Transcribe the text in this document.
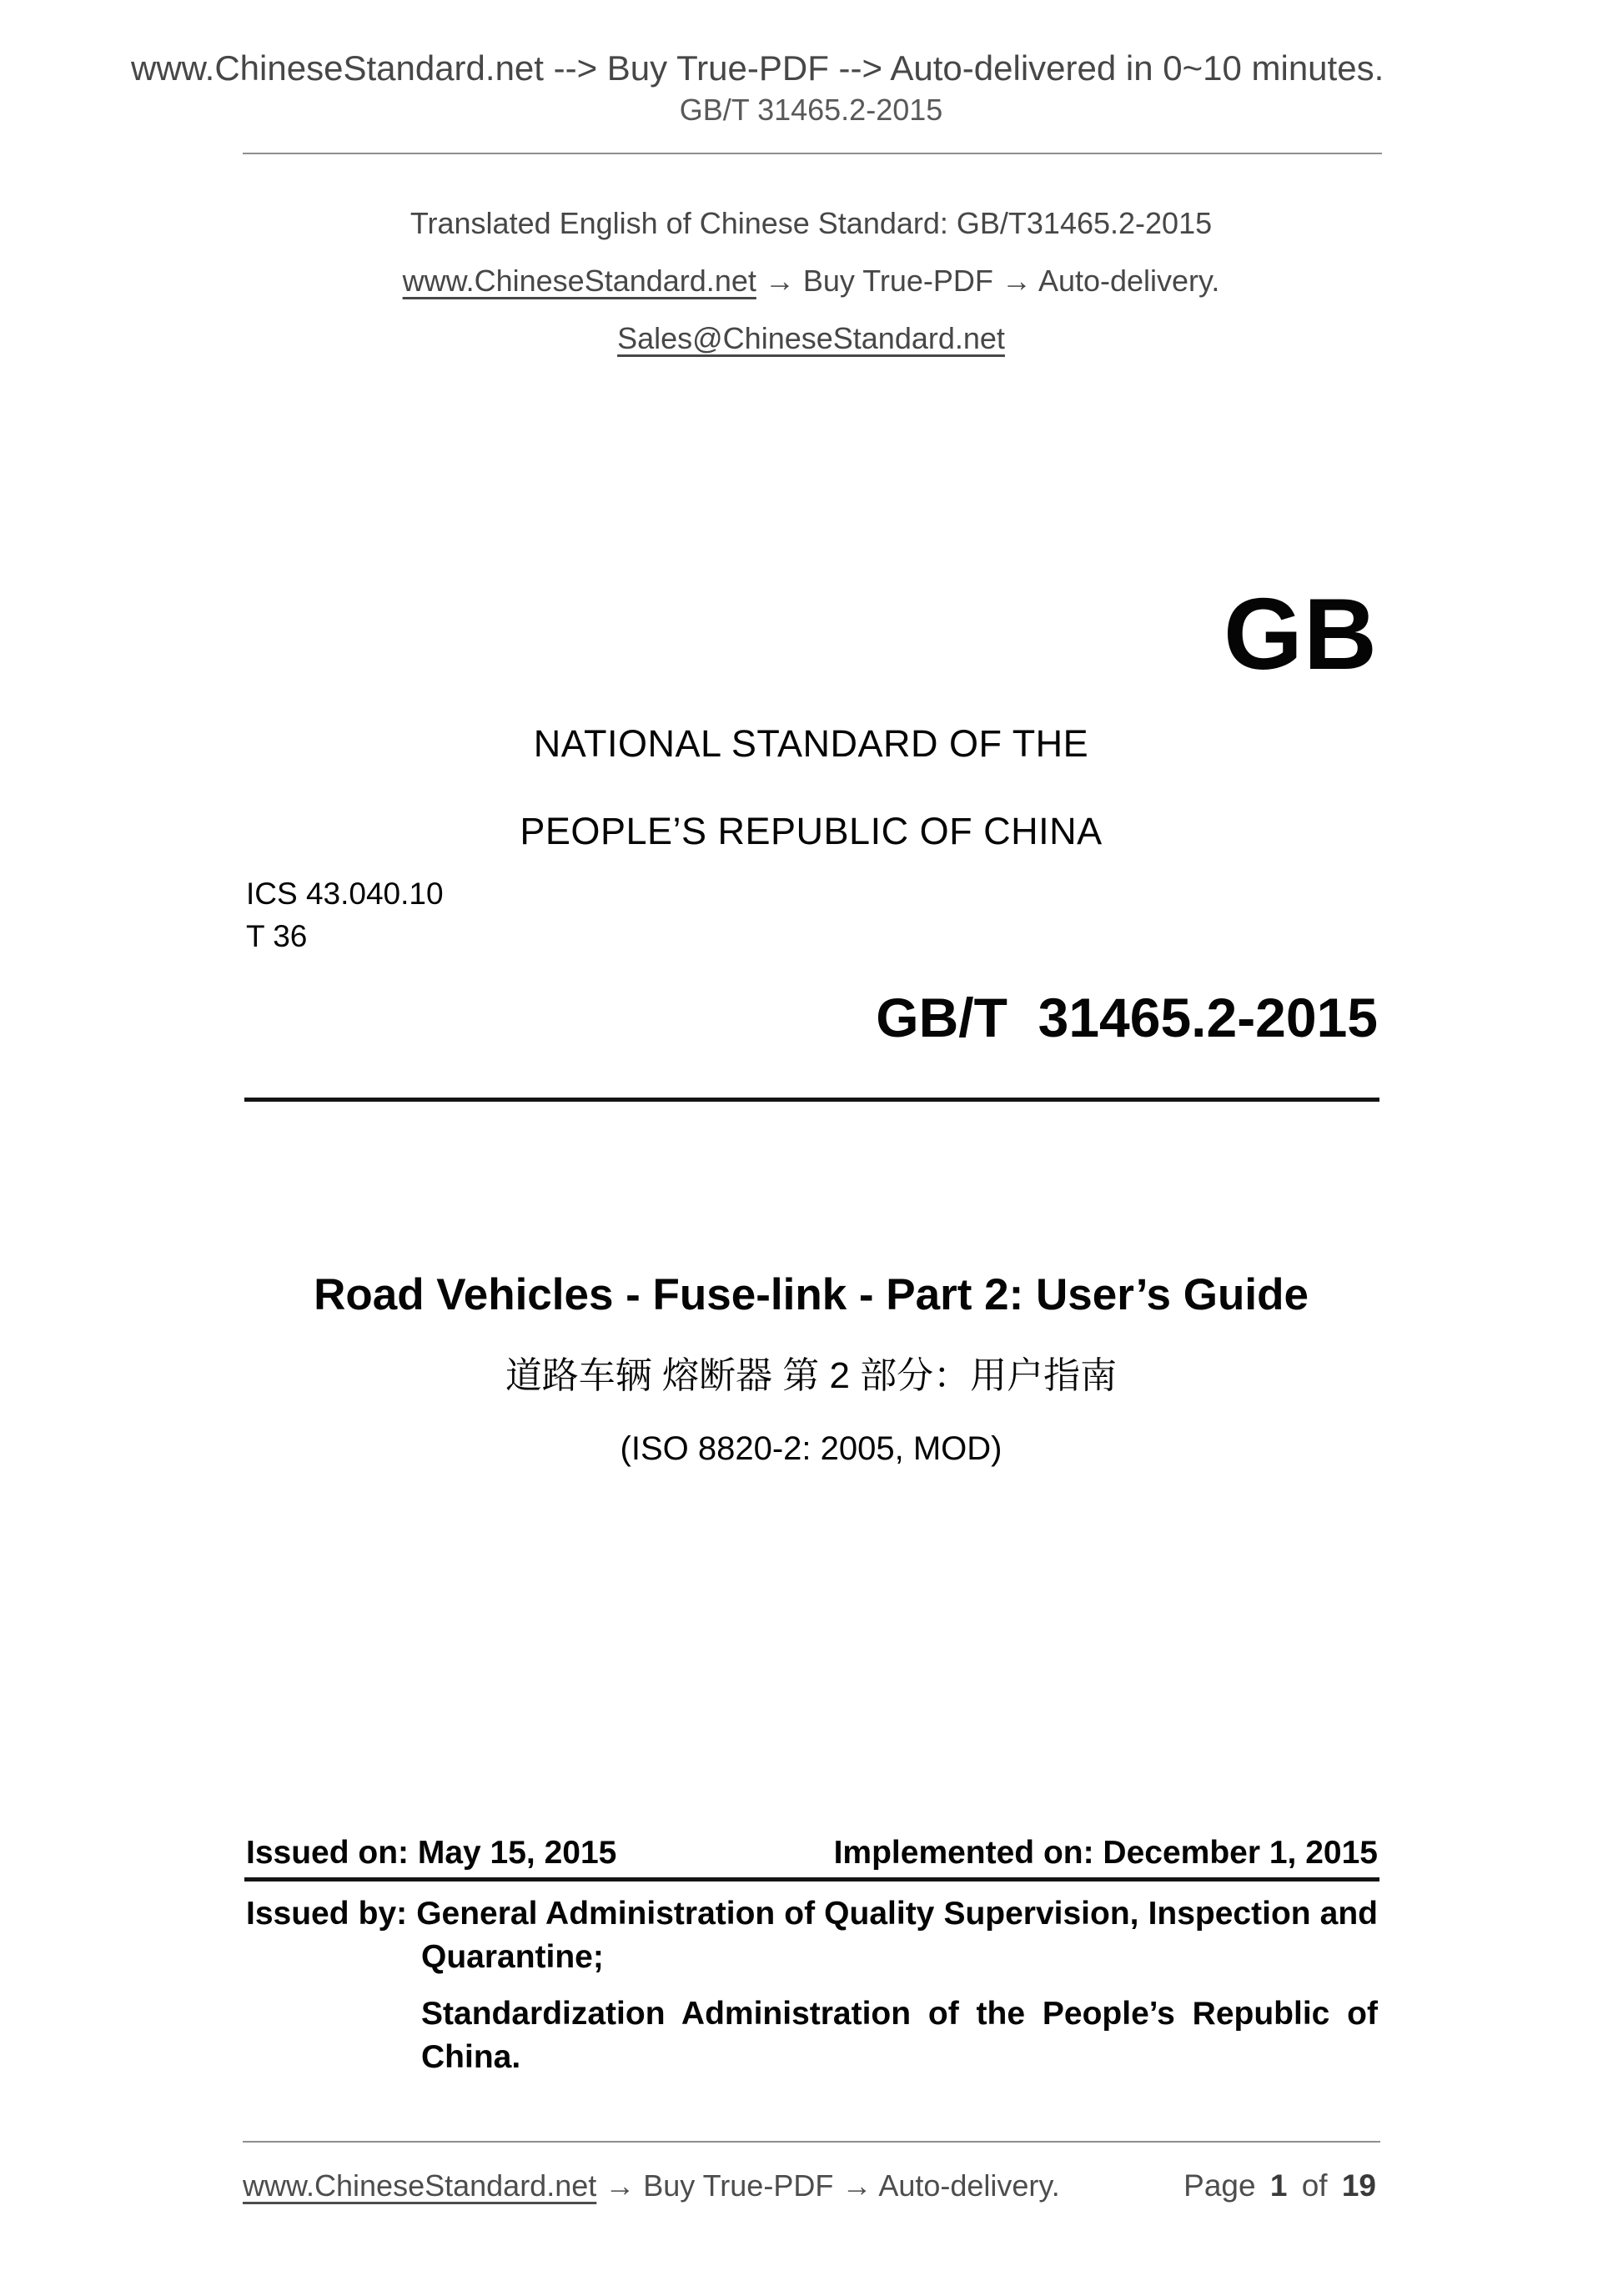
www.ChineseStandard.net --> Buy True-PDF --> Auto-delivered in 0~10 minutes.
GB/T 31465.2-2015
Translated English of Chinese Standard: GB/T31465.2-2015
www.ChineseStandard.net → Buy True-PDF → Auto-delivery.
Sales@ChineseStandard.net
GB
NATIONAL STANDARD OF THE
PEOPLE’S REPUBLIC OF CHINA
ICS 43.040.10
T 36
GB/T  31465.2-2015
Road Vehicles - Fuse-link - Part 2: User’s Guide
道路车辆 熔断器 第 2 部分：用户指南
(ISO 8820-2: 2005, MOD)
Issued on: May 15, 2015	Implemented on: December 1, 2015
Issued by: General Administration of Quality Supervision, Inspection and
Quarantine;
Standardization Administration of the People’s Republic of
China.
www.ChineseStandard.net → Buy True-PDF → Auto-delivery.	Page 1 of 19
